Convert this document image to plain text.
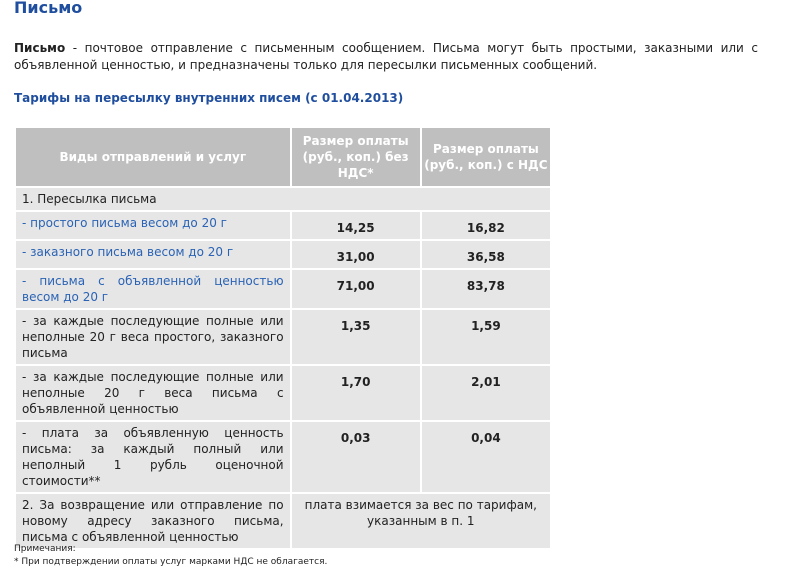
Письмо

Письмо - почтовое отправление с письменным сообщением. Письма могут быть простыми, заказными или с объявленной ценностью, и предназначены только для пересылки письменных сообщений.

Тарифы на пересылку внутренних писем (с 01.04.2013)

Виды отправлений и услуг	Размер оплаты (руб., коп.) без НДС*	Размер оплаты (руб., коп.) с НДС
1. Пересылка письма		
- простого письма весом до 20 г	14,25	16,82
- заказного письма весом до 20 г	31,00	36,58
- письма с объявленной ценностью весом до 20 г	71,00	83,78
- за каждые последующие полные или неполные 20 г веса простого, заказного письма	1,35	1,59
- за каждые последующие полные или неполные 20 г веса письма с объявленной ценностью	1,70	2,01
- плата за объявленную ценность письма: за каждый полный или неполный 1 рубль оценочной стоимости**	0,03	0,04
2. За возвращение или отправление по новому адресу заказного письма, письма с объявленной ценностью	плата взимается за вес по тарифам, указанным в п. 1	
Примечания:
* При подтверждении оплаты услуг марками НДС не облагается.
